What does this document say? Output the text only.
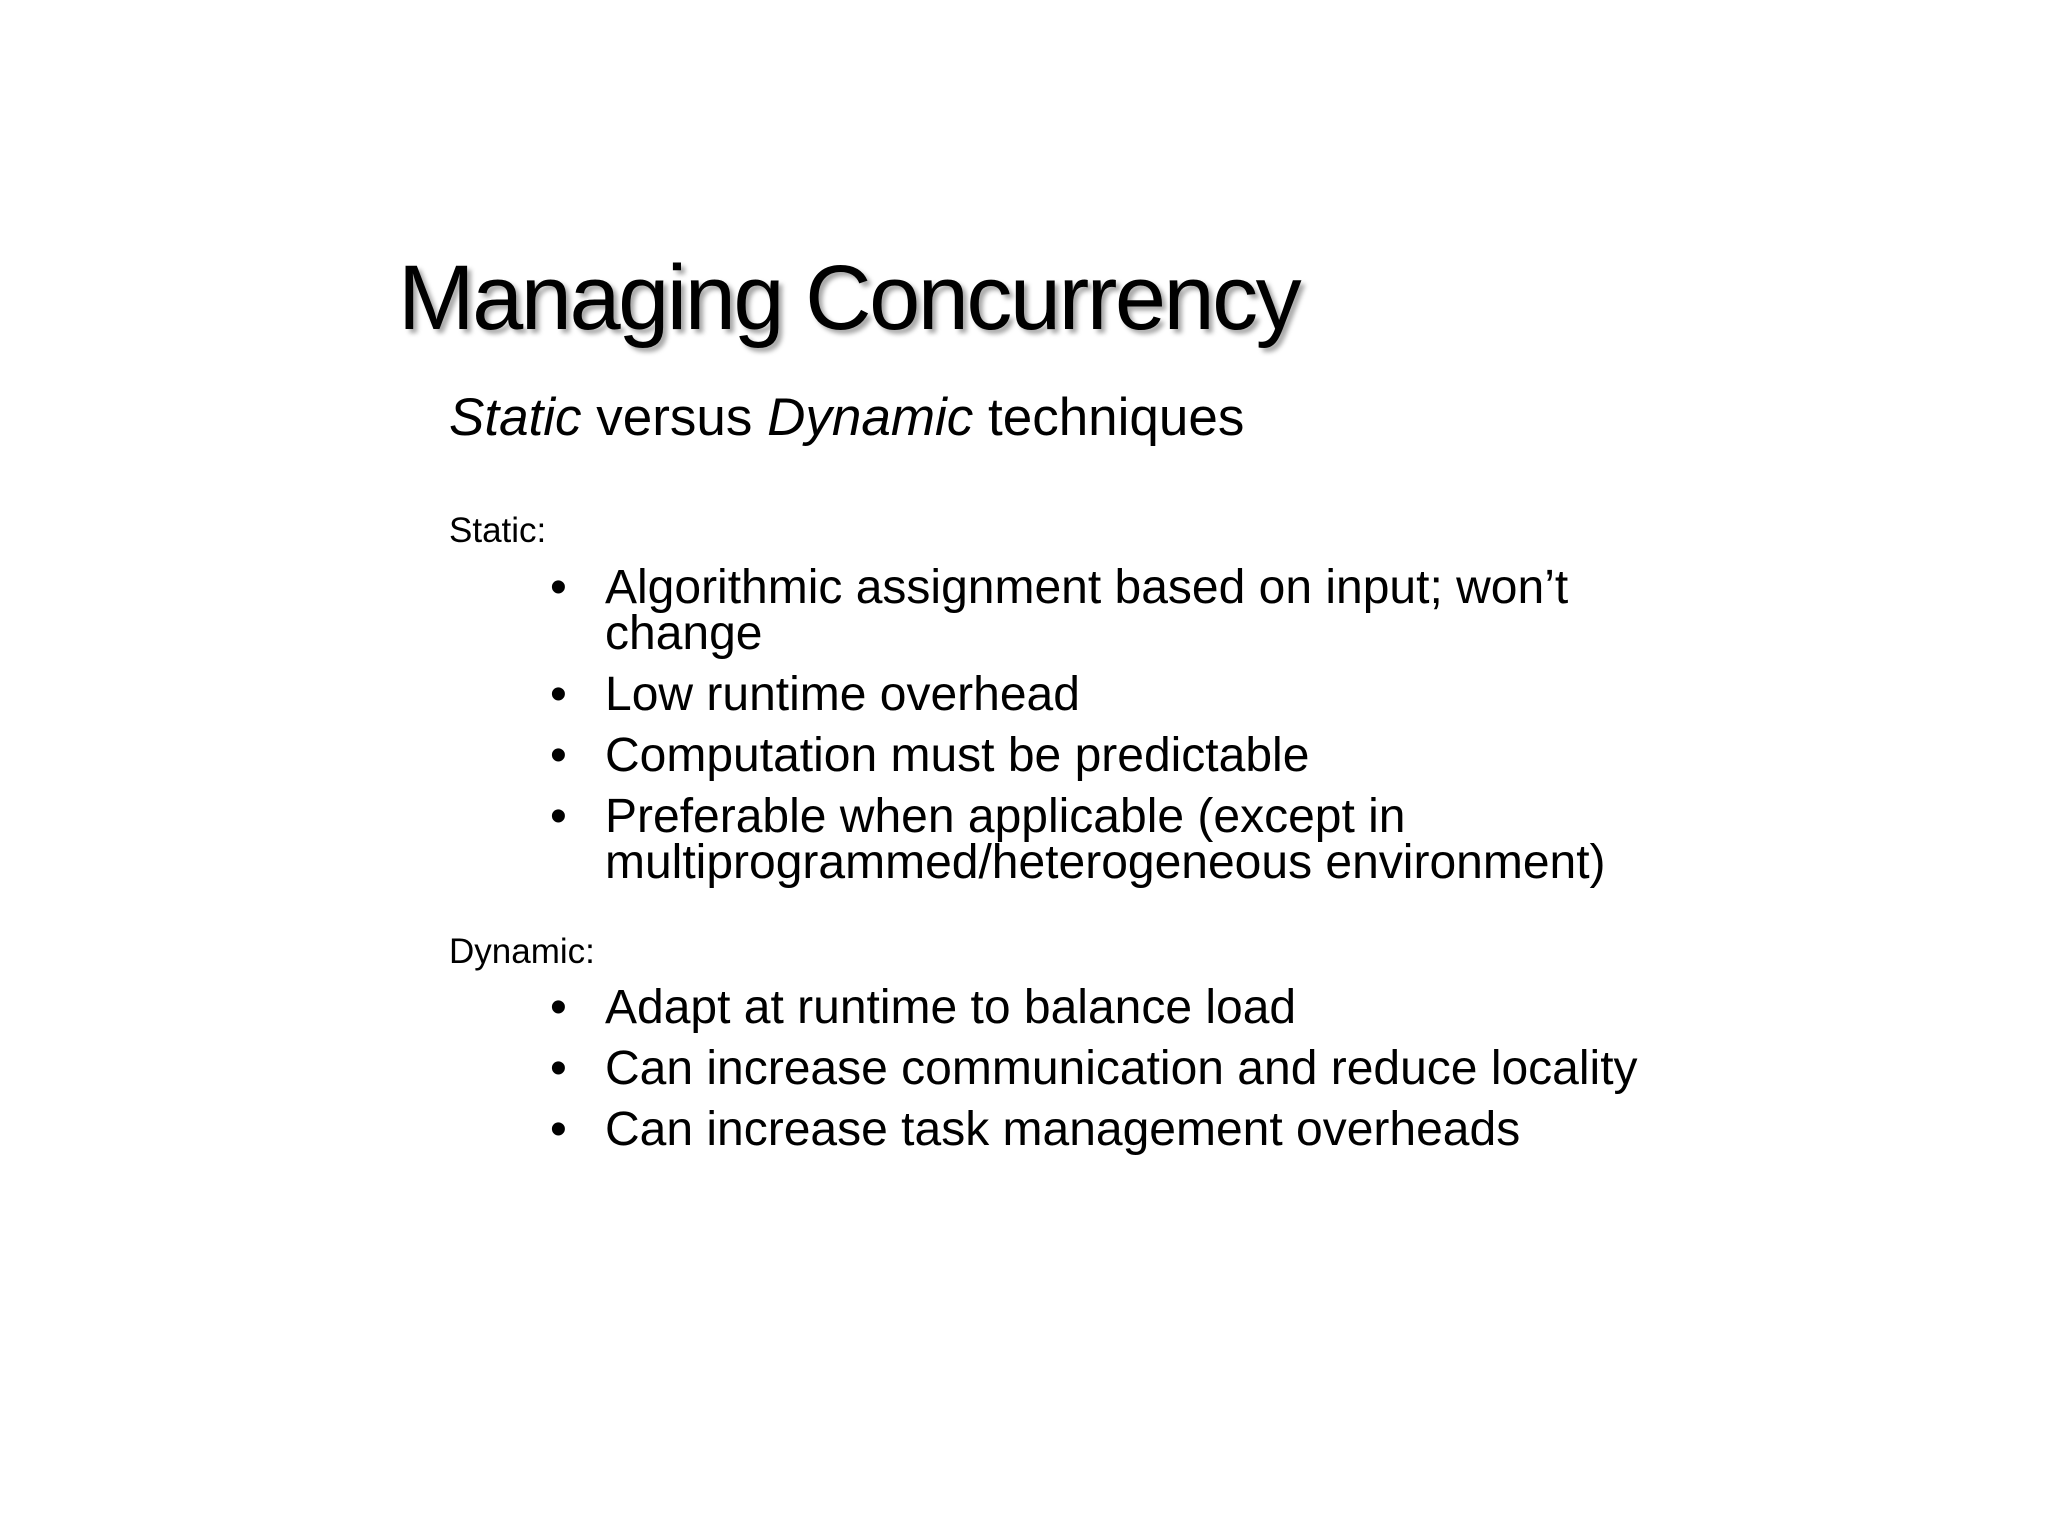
Managing Concurrency
Static versus Dynamic techniques
Static:
• Algorithmic assignment based on input; won’t change
• Low runtime overhead
• Computation must be predictable
• Preferable when applicable (except in multiprogrammed/heterogeneous environment)
Dynamic:
• Adapt at runtime to balance load
• Can increase communication and reduce locality
• Can increase task management overheads
